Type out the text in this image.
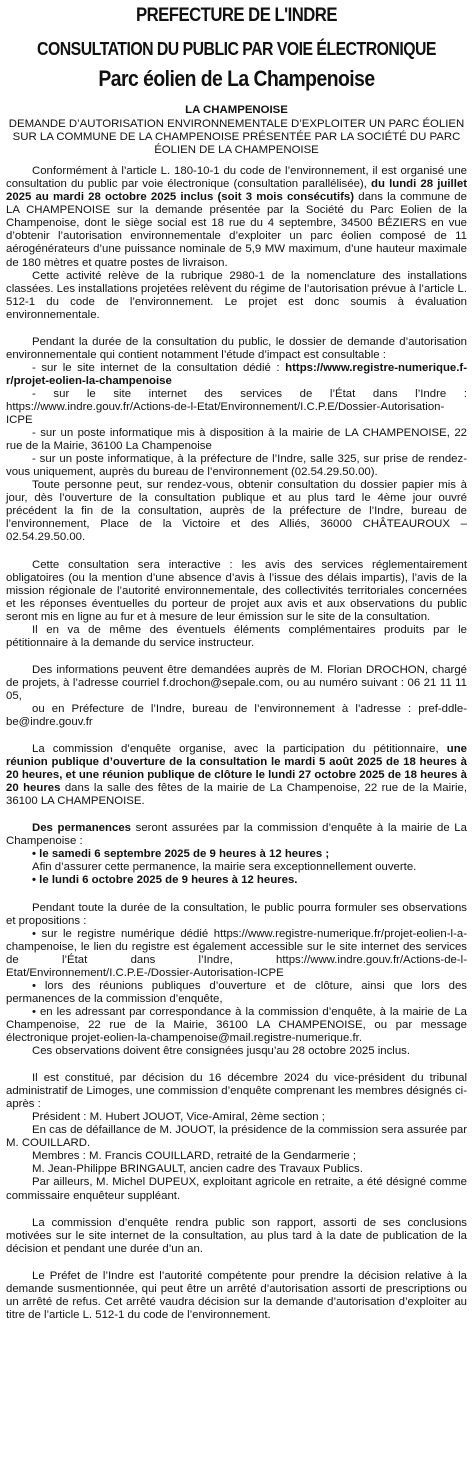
PREFECTURE DE L'INDRE
CONSULTATION DU PUBLIC PAR VOIE ÉLECTRONIQUE
Parc éolien de La Champenoise
LA CHAMPENOISE
DEMANDE D’AUTORISATION ENVIRONNEMENTALE D’EXPLOITER UN PARC ÉOLIEN SUR LA COMMUNE DE LA CHAMPENOISE PRÉSENTÉE PAR LA SOCIÉTÉ DU PARC ÉOLIEN DE LA CHAMPENOISE

Conformément à l’article L. 180-10-1 du code de l’environnement, il est organisé une consultation du public par voie électronique (consultation parallélisée), du lundi 28 juillet 2025 au mardi 28 octobre 2025 inclus (soit 3 mois consécutifs) dans la commune de LA CHAMPENOISE sur la demande présentée par la Société du Parc Eolien de la Champenoise, dont le siège social est 18 rue du 4 septembre, 34500 BÉZIERS en vue d’obtenir l’autorisation environnementale d’exploiter un parc éolien composé de 11 aérogénérateurs d’une puissance nominale de 5,9 MW maximum, d’une hauteur maximale de 180 mètres et quatre postes de livraison.

Cette activité relève de la rubrique 2980-1 de la nomenclature des installations classées. Les installations projetées relèvent du régime de l’autorisation prévue à l’article L. 512-1 du code de l’environnement. Le projet est donc soumis à évaluation environnementale.

Pendant la durée de la consultation du public, le dossier de demande d’autorisation environnementale qui contient notamment l’étude d’impact est consultable :

- sur le site internet de la consultation dédié : https://www.registre-numerique.f-r/projet-eolien-la-champenoise

- sur le site internet des services de l’État dans l’Indre : https://www.indre.gouv.fr/Actions-de-l-Etat/Environnement/I.C.P.E/Dossier-Autorisation-ICPE

- sur un poste informatique mis à disposition à la mairie de LA CHAMPENOISE, 22 rue de la Mairie, 36100 La Champenoise

- sur un poste informatique, à la préfecture de l’Indre, salle 325, sur prise de rendez-vous uniquement, auprès du bureau de l’environnement (02.54.29.50.00).

Toute personne peut, sur rendez-vous, obtenir consultation du dossier papier mis à jour, dès l’ouverture de la consultation publique et au plus tard le 4ème jour ouvré précédent la fin de la consultation, auprès de la préfecture de l’Indre, bureau de l’environnement, Place de la Victoire et des Alliés, 36000 CHÂTEAUROUX – 02.54.29.50.00.

Cette consultation sera interactive : les avis des services réglementairement obligatoires (ou la mention d’une absence d’avis à l’issue des délais impartis), l’avis de la mission régionale de l’autorité environnementale, des collectivités territoriales concernées et les réponses éventuelles du porteur de projet aux avis et aux observations du public seront mis en ligne au fur et à mesure de leur émission sur le site de la consultation.

Il en va de même des éventuels éléments complémentaires produits par le pétitionnaire à la demande du service instructeur.

Des informations peuvent être demandées auprès de M. Florian DROCHON, chargé de projets, à l’adresse courriel f.drochon@sepale.com, ou au numéro suivant : 06 21 11 11 05,

ou en Préfecture de l’Indre, bureau de l’environnement à l’adresse : pref-ddle-be@indre.gouv.fr

La commission d’enquête organise, avec la participation du pétitionnaire, une réunion publique d’ouverture de la consultation le mardi 5 août 2025 de 18 heures à 20 heures, et une réunion publique de clôture le lundi 27 octobre 2025 de 18 heures à 20 heures dans la salle des fêtes de la mairie de La Champenoise, 22 rue de la Mairie, 36100 LA CHAMPENOISE.

Des permanences seront assurées par la commission d’enquête à la mairie de La Champenoise :

• le samedi 6 septembre 2025 de 9 heures à 12 heures ;

Afin d’assurer cette permanence, la mairie sera exceptionnellement ouverte.

• le lundi 6 octobre 2025 de 9 heures à 12 heures.

Pendant toute la durée de la consultation, le public pourra formuler ses observations et propositions :

• sur le registre numérique dédié https://www.registre-numerique.fr/projet-eolien-l-a-champenoise, le lien du registre est également accessible sur le site internet des services de l’État dans l’Indre, https://www.indre.gouv.fr/Actions-de-l-Etat/Environnement/I.C.P.E-/Dossier-Autorisation-ICPE

• lors des réunions publiques d’ouverture et de clôture, ainsi que lors des permanences de la commission d’enquête,

• en les adressant par correspondance à la commission d’enquête, à la mairie de La Champenoise, 22 rue de la Mairie, 36100 LA CHAMPENOISE, ou par message électronique projet-eolien-la-champenoise@mail.registre-numerique.fr.

Ces observations doivent être consignées jusqu’au 28 octobre 2025 inclus.

Il est constitué, par décision du 16 décembre 2024 du vice-président du tribunal administratif de Limoges, une commission d’enquête comprenant les membres désignés ci-après :

Président : M. Hubert JOUOT, Vice-Amiral, 2ème section ;

En cas de défaillance de M. JOUOT, la présidence de la commission sera assurée par M. COUILLARD.

Membres : M. Francis COUILLARD, retraité de la Gendarmerie ;

M. Jean-Philippe BRINGAULT, ancien cadre des Travaux Publics.

Par ailleurs, M. Michel DUPEUX, exploitant agricole en retraite, a été désigné comme commissaire enquêteur suppléant.

La commission d’enquête rendra public son rapport, assorti de ses conclusions motivées sur le site internet de la consultation, au plus tard à la date de publication de la décision et pendant une durée d’un an.

Le Préfet de l’Indre est l’autorité compétente pour prendre la décision relative à la demande susmentionnée, qui peut être un arrêté d’autorisation assorti de prescriptions ou un arrêté de refus. Cet arrêté vaudra décision sur la demande d’autorisation d’exploiter au titre de l’article L. 512-1 du code de l’environnement.
